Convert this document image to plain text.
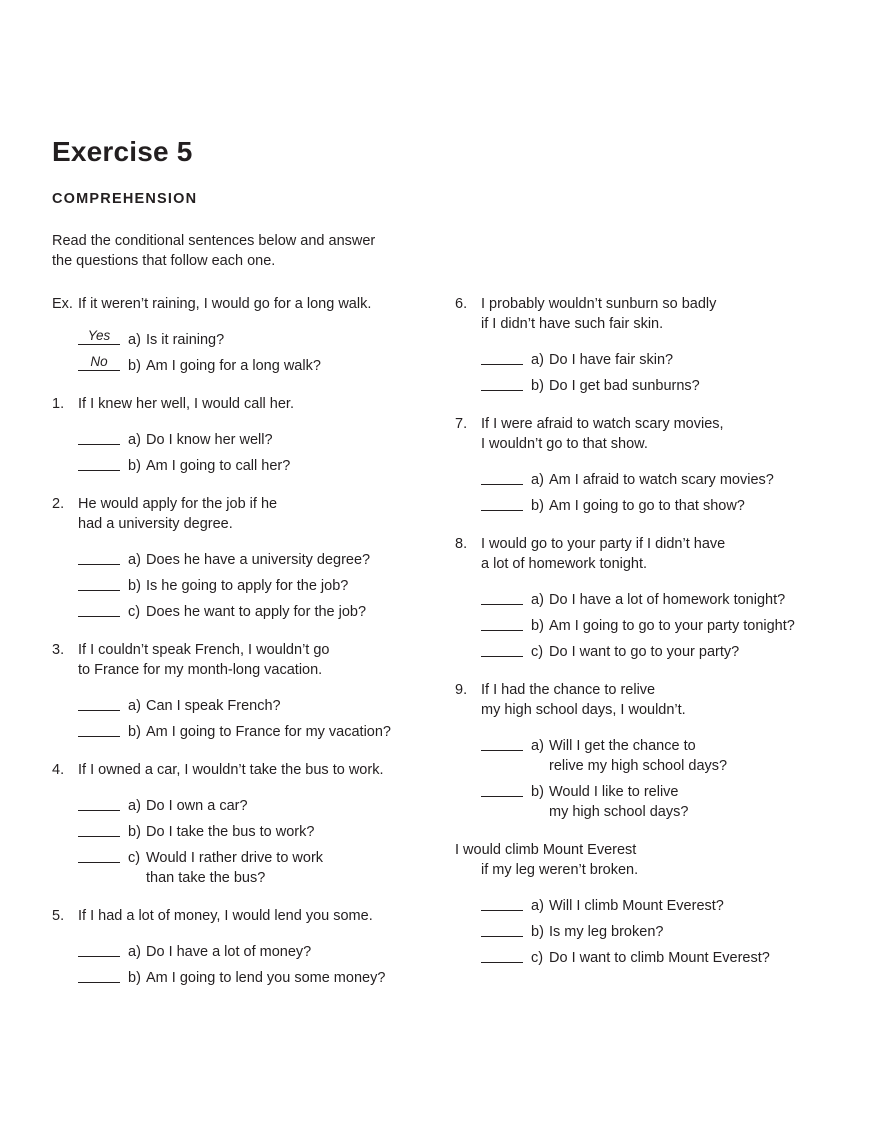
Exercise 5
COMPREHENSION

Read the conditional sentences below and answer the questions that follow each one.

Ex. If it weren’t raining, I would go for a long walk.
Yes	a) Is it raining?
No	b) Am I going for a long walk?
1. If I knew her well, I would call her.
a) Do I know her well?
b) Am I going to call her?
2. He would apply for the job if he
had a university degree.
a) Does he have a university degree?
b) Is he going to apply for the job?
c) Does he want to apply for the job?
3. If I couldn’t speak French, I wouldn’t go
to France for my month-long vacation.
a) Can I speak French?
b) Am I going to France for my vacation?
4. If I owned a car, I wouldn’t take the bus to work.
a) Do I own a car?
b) Do I take the bus to work?
c) Would I rather drive to work
than take the bus?
5. If I had a lot of money, I would lend you some.
a) Do I have a lot of money?
b) Am I going to lend you some money?
6. I probably wouldn’t sunburn so badly
if I didn’t have such fair skin.
a) Do I have fair skin?
b) Do I get bad sunburns?
7. If I were afraid to watch scary movies,
I wouldn’t go to that show.
a) Am I afraid to watch scary movies?
b) Am I going to go to that show?
8. I would go to your party if I didn’t have
a lot of homework tonight.
a) Do I have a lot of homework tonight?
b) Am I going to go to your party tonight?
c) Do I want to go to your party?
9. If I had the chance to relive
my high school days, I wouldn’t.
a) Will I get the chance to
relive my high school days?
b) Would I like to relive
my high school days?
I would climb Mount Everest
if my leg weren’t broken.
a) Will I climb Mount Everest?
b) Is my leg broken?
c) Do I want to climb Mount Everest?
